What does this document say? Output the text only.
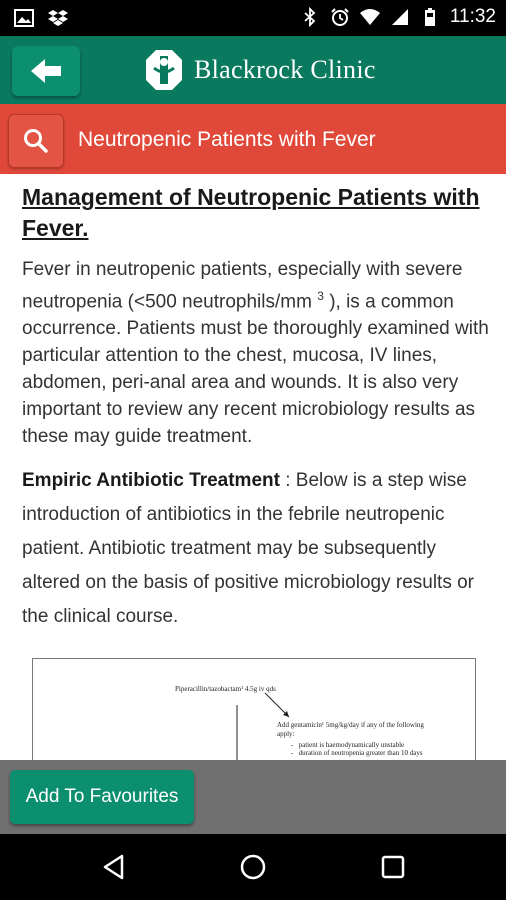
11:32
Blackrock Clinic
Neutropenic Patients with Fever
Management of Neutropenic Patients with Fever.
Fever in neutropenic patients, especially with severe neutropenia (<500 neutrophils/mm $^3$ ), is a common occurrence. Patients must be thoroughly examined with particular attention to the chest, mucosa, IV lines, abdomen, peri-anal area and wounds. It is also very important to review any recent microbiology results as these may guide treatment.
Empiric Antibiotic Treatment : Below is a step wise introduction of antibiotics in the febrile neutropenic patient. Antibiotic treatment may be subsequently altered on the basis of positive microbiology results or the clinical course.
Piperacillin/tazobactam¹ 4.5g iv qds
Add gentamicin¹ 5mg/kg/day if any of the following
apply:
-   patient is haemodynamically unstable
-   duration of neutropenia greater than 10 days
Add To Favourites
